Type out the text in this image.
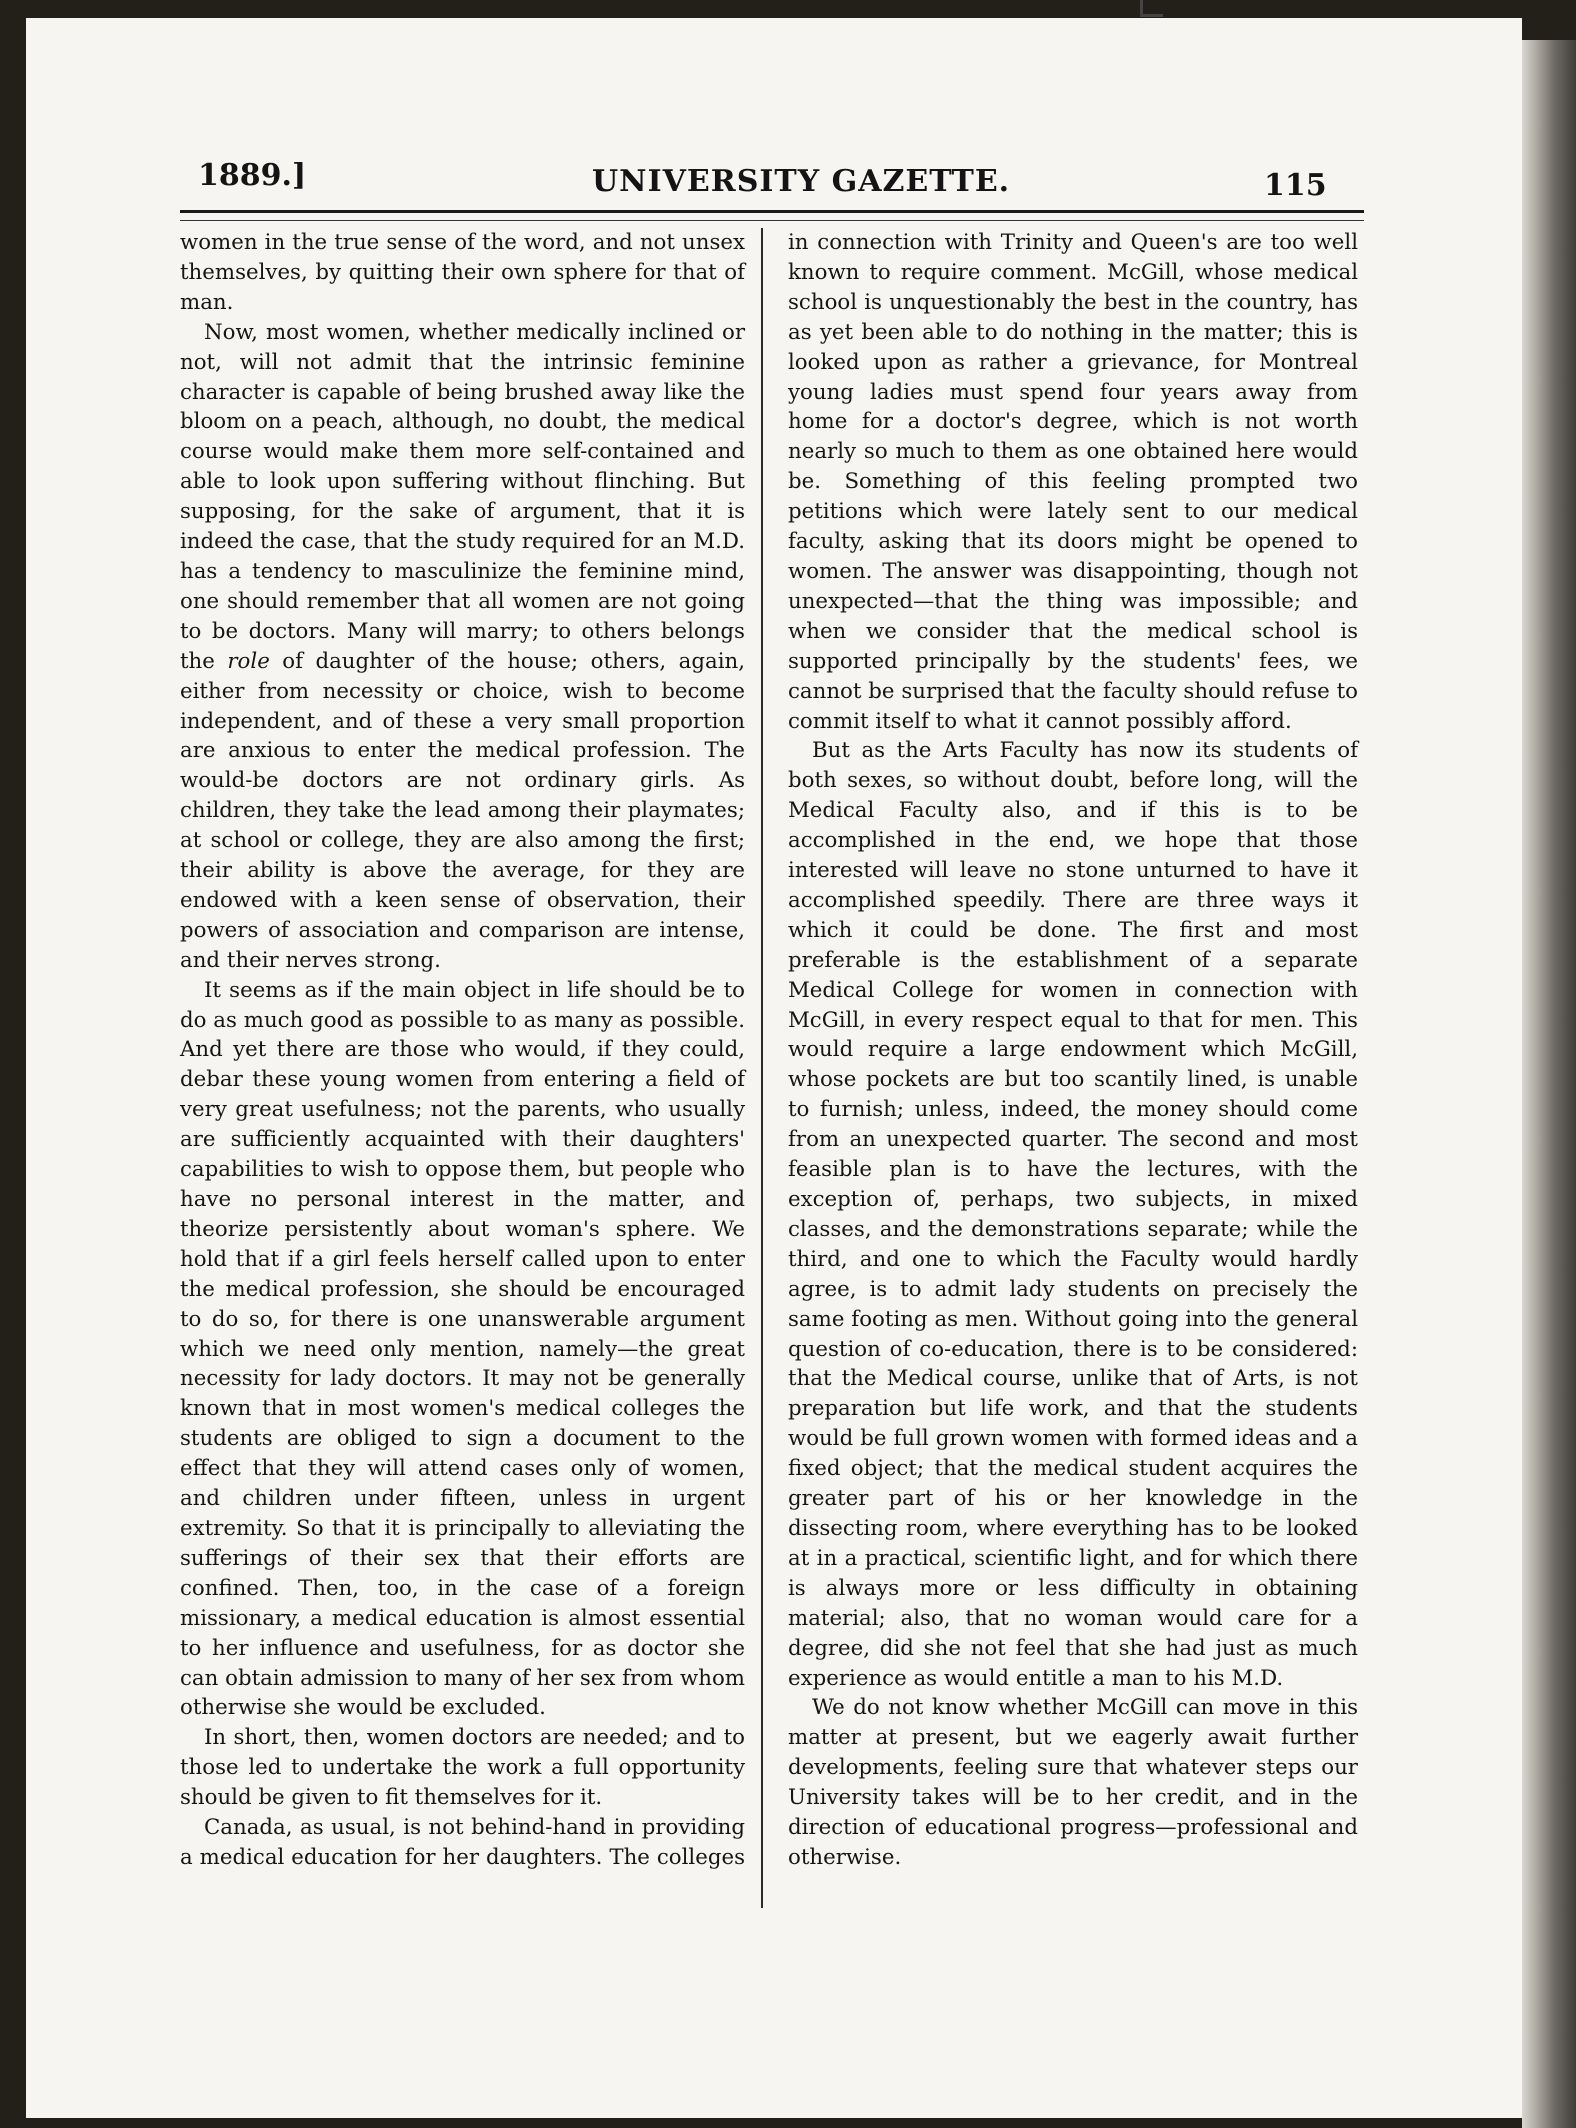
1889.]	UNIVERSITY GAZETTE.	115

women in the true sense of the word, and not unsex themselves, by quitting their own sphere for that of man.

Now, most women, whether medically inclined or not, will not admit that the intrinsic feminine character is capable of being brushed away like the bloom on a peach, although, no doubt, the medical course would make them more self-contained and able to look upon suffering without flinching. But supposing, for the sake of argument, that it is indeed the case, that the study required for an M.D. has a tendency to masculinize the feminine mind, one should remember that all women are not going to be doctors. Many will marry; to others belongs the role of daughter of the house; others, again, either from necessity or choice, wish to become independent, and of these a very small proportion are anxious to enter the medical profession. The would-be doctors are not ordinary girls. As children, they take the lead among their playmates; at school or college, they are also among the first; their ability is above the average, for they are endowed with a keen sense of observation, their powers of association and comparison are intense, and their nerves strong.

It seems as if the main object in life should be to do as much good as possible to as many as possible. And yet there are those who would, if they could, debar these young women from entering a field of very great usefulness; not the parents, who usually are sufficiently acquainted with their daughters' capabilities to wish to oppose them, but people who have no personal interest in the matter, and theorize persistently about woman's sphere. We hold that if a girl feels herself called upon to enter the medical profession, she should be encouraged to do so, for there is one unanswerable argument which we need only mention, namely—the great necessity for lady doctors. It may not be generally known that in most women's medical colleges the students are obliged to sign a document to the effect that they will attend cases only of women, and children under fifteen, unless in urgent extremity. So that it is principally to alleviating the sufferings of their sex that their efforts are confined. Then, too, in the case of a foreign missionary, a medical education is almost essential to her influence and usefulness, for as doctor she can obtain admission to many of her sex from whom otherwise she would be excluded.

In short, then, women doctors are needed; and to those led to undertake the work a full opportunity should be given to fit themselves for it.

Canada, as usual, is not behind-hand in providing a medical education for her daughters. The colleges

in connection with Trinity and Queen's are too well known to require comment. McGill, whose medical school is unquestionably the best in the country, has as yet been able to do nothing in the matter; this is looked upon as rather a grievance, for Montreal young ladies must spend four years away from home for a doctor's degree, which is not worth nearly so much to them as one obtained here would be. Something of this feeling prompted two petitions which were lately sent to our medical faculty, asking that its doors might be opened to women. The answer was disappointing, though not unexpected—that the thing was impossible; and when we consider that the medical school is supported principally by the students' fees, we cannot be surprised that the faculty should refuse to commit itself to what it cannot possibly afford.

But as the Arts Faculty has now its students of both sexes, so without doubt, before long, will the Medical Faculty also, and if this is to be accomplished in the end, we hope that those interested will leave no stone unturned to have it accomplished speedily. There are three ways it which it could be done. The first and most preferable is the establishment of a separate Medical College for women in connection with McGill, in every respect equal to that for men. This would require a large endowment which McGill, whose pockets are but too scantily lined, is unable to furnish; unless, indeed, the money should come from an unexpected quarter. The second and most feasible plan is to have the lectures, with the exception of, perhaps, two subjects, in mixed classes, and the demonstrations separate; while the third, and one to which the Faculty would hardly agree, is to admit lady students on precisely the same footing as men. Without going into the general question of co-education, there is to be considered: that the Medical course, unlike that of Arts, is not preparation but life work, and that the students would be full grown women with formed ideas and a fixed object; that the medical student acquires the greater part of his or her knowledge in the dissecting room, where everything has to be looked at in a practical, scientific light, and for which there is always more or less difficulty in obtaining material; also, that no woman would care for a degree, did she not feel that she had just as much experience as would entitle a man to his M.D.

We do not know whether McGill can move in this matter at present, but we eagerly await further developments, feeling sure that whatever steps our University takes will be to her credit, and in the direction of educational progress—professional and otherwise.
